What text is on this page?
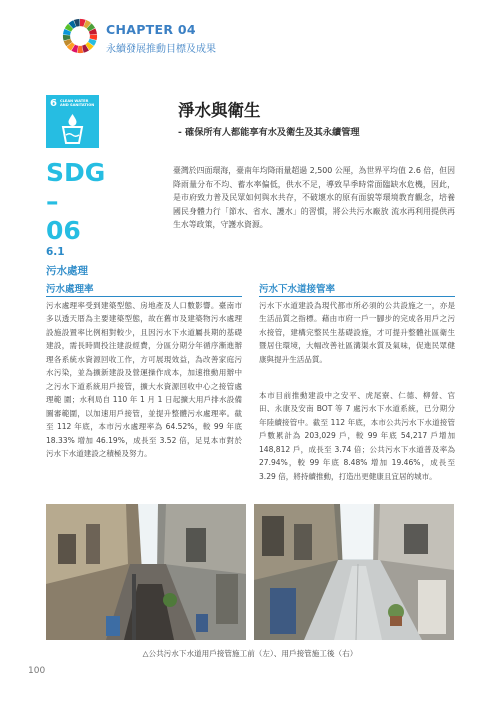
CHAPTER 04
永續發展推動目標及成果
6 CLEAN WATER AND SANITATION
SDG
–
06
淨水與衛生
- 確保所有人都能享有水及衛生及其永續管理
臺灣於四面環海，臺南年均降雨量超過 2,500 公厘，為世界平均值 2.6 倍，但因降雨量分布不均、蓄水率偏低，供水不足，導致旱季時常面臨缺水危機，因此，是市府致力普及民眾如何與水共存，不破壞水的原有面貌等環境教育觀念，培養國民身體力行「節水、省水、護水」的習慣，將公共污水廠放 流水再利用提供再生水等政策，守護水資源。
6.1
污水處理
污水處理率
污水處理率受到建築型態、房地產及人口數影響。臺南市多以透天厝為主要建築型態，故在舊市及建築物污水處理設施設置率比例相對較少，且因污水下水道屬長期的基礎建設，需長時間投注建設經費，分區分期分年循序漸進辦理各系統水資源回收工作，方可展現效益，為改善家庭污水污染，並為擴新建設及營運操作成本，加速推動用辦中之污水下道系統用戶接管，擴大水資源回收中心之接管處理範 圍；水利局自 110 年 1 月 1 日起擴大用戶排水設備圖審範圍，以加速用戶接管，並提升整體污水處理率。截至 112 年底，本市污水處理率為 64.52%，較 99 年底 18.33% 增加 46.19%，成長至 3.52 倍，足見本市對於污水下水道建設之積極及努力。
污水下水道接管率
污水下水道建設為現代都市所必須的公共設施之一，亦是生活品質之指標。藉由市府一戶一腳步的完成各用戶之污水接管，建構完整民生基礎設施，才可提升整體社區衛生暨居住環境，大幅改善社區溝渠水質及氣味，促進民眾健康與提升生活品質。
本市目前推動建設中之安平、虎尾寮、仁德、柳營、官田、永康及安南 BOT 等 7 處污水下水道系統，已分期分年陸續接管中。截至 112 年底，本市公共污水下水道接管戶數累計為 203,029 戶，較 99 年底 54,217 戶增加 148,812 戶，成長至 3.74 倍；公共污水下水道普及率為 27.94%，較 99 年底 8.48% 增加 19.46%，成長至 3.29 倍，將持續推動，打造出更健康且宜居的城市。
△公共污水下水道用戶接管施工前（左）、用戶接管施工後（右）
100
